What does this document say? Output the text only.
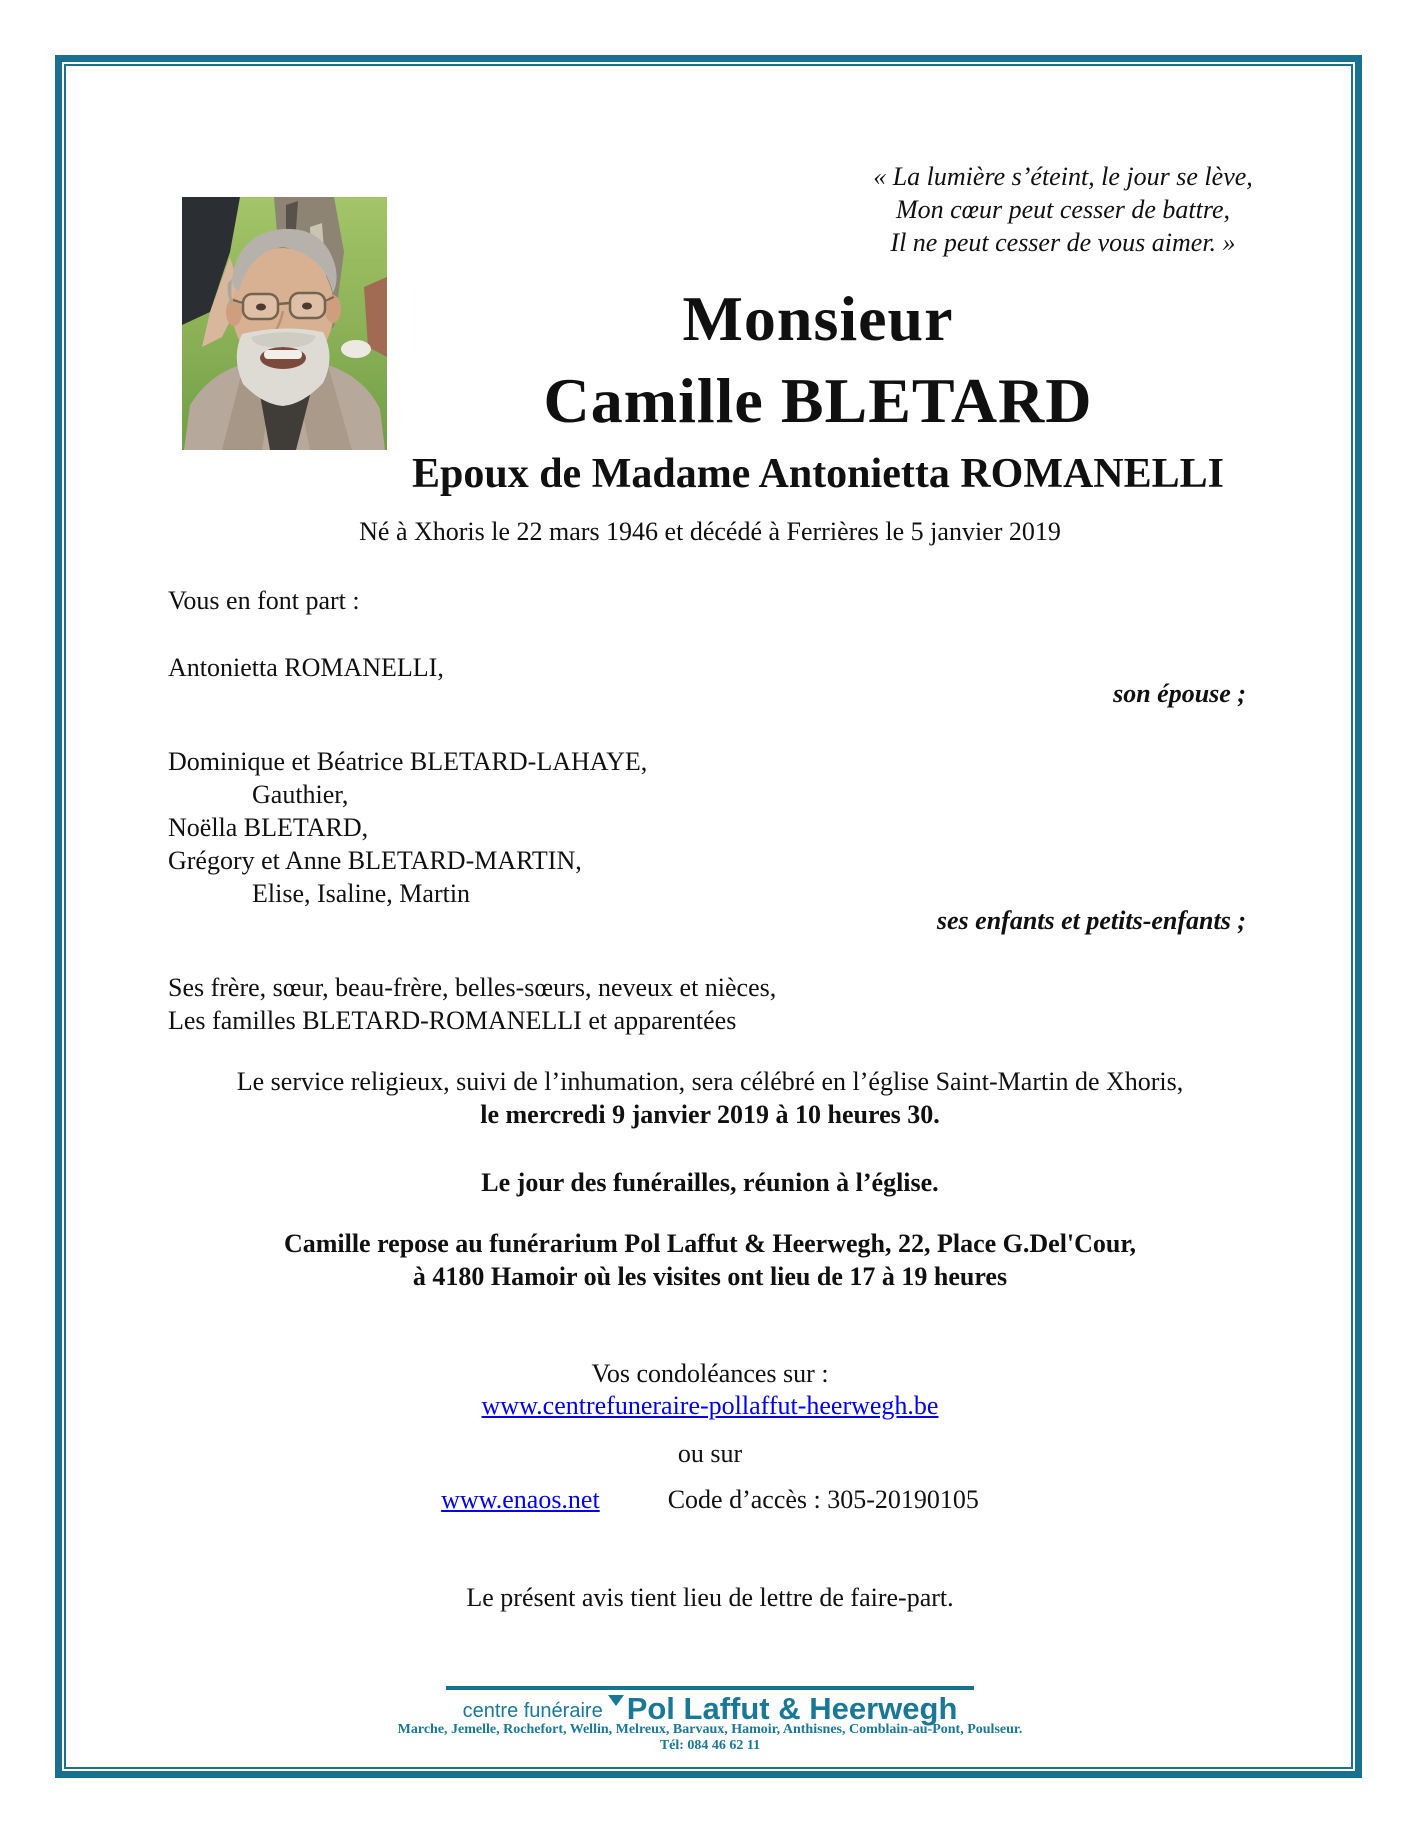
« La lumière s’éteint, le jour se lève,
Mon cœur peut cesser de battre,
Il ne peut cesser de vous aimer. »
Monsieur
Camille BLETARD
Epoux de Madame Antonietta ROMANELLI
Né à Xhoris le 22 mars 1946 et décédé à Ferrières le 5 janvier 2019
Vous en font part :
Antonietta ROMANELLI,
son épouse ;
Dominique et Béatrice BLETARD-LAHAYE,
Gauthier,
Noëlla BLETARD,
Grégory et Anne BLETARD-MARTIN,
Elise, Isaline, Martin
ses enfants et petits-enfants ;
Ses frère, sœur, beau-frère, belles-sœurs, neveux et nièces,
Les familles BLETARD-ROMANELLI et apparentées
Le service religieux, suivi de l’inhumation, sera célébré en l’église Saint-Martin de Xhoris,
le mercredi 9 janvier 2019 à 10 heures 30.
Le jour des funérailles, réunion à l’église.
Camille repose au funérarium Pol Laffut & Heerwegh, 22, Place G.Del'Cour,
à 4180 Hamoir où les visites ont lieu de 17 à 19 heures
Vos condoléances sur :
www.centrefuneraire-pollaffut-heerwegh.be
ou sur
www.enaos.net	Code d’accès : 305-20190105
Le présent avis tient lieu de lettre de faire-part.
centre funéraire Pol Laffut & Heerwegh
Marche, Jemelle, Rochefort, Wellin, Melreux, Barvaux, Hamoir, Anthisnes, Comblain-au-Pont, Poulseur.
Tél: 084 46 62 11
